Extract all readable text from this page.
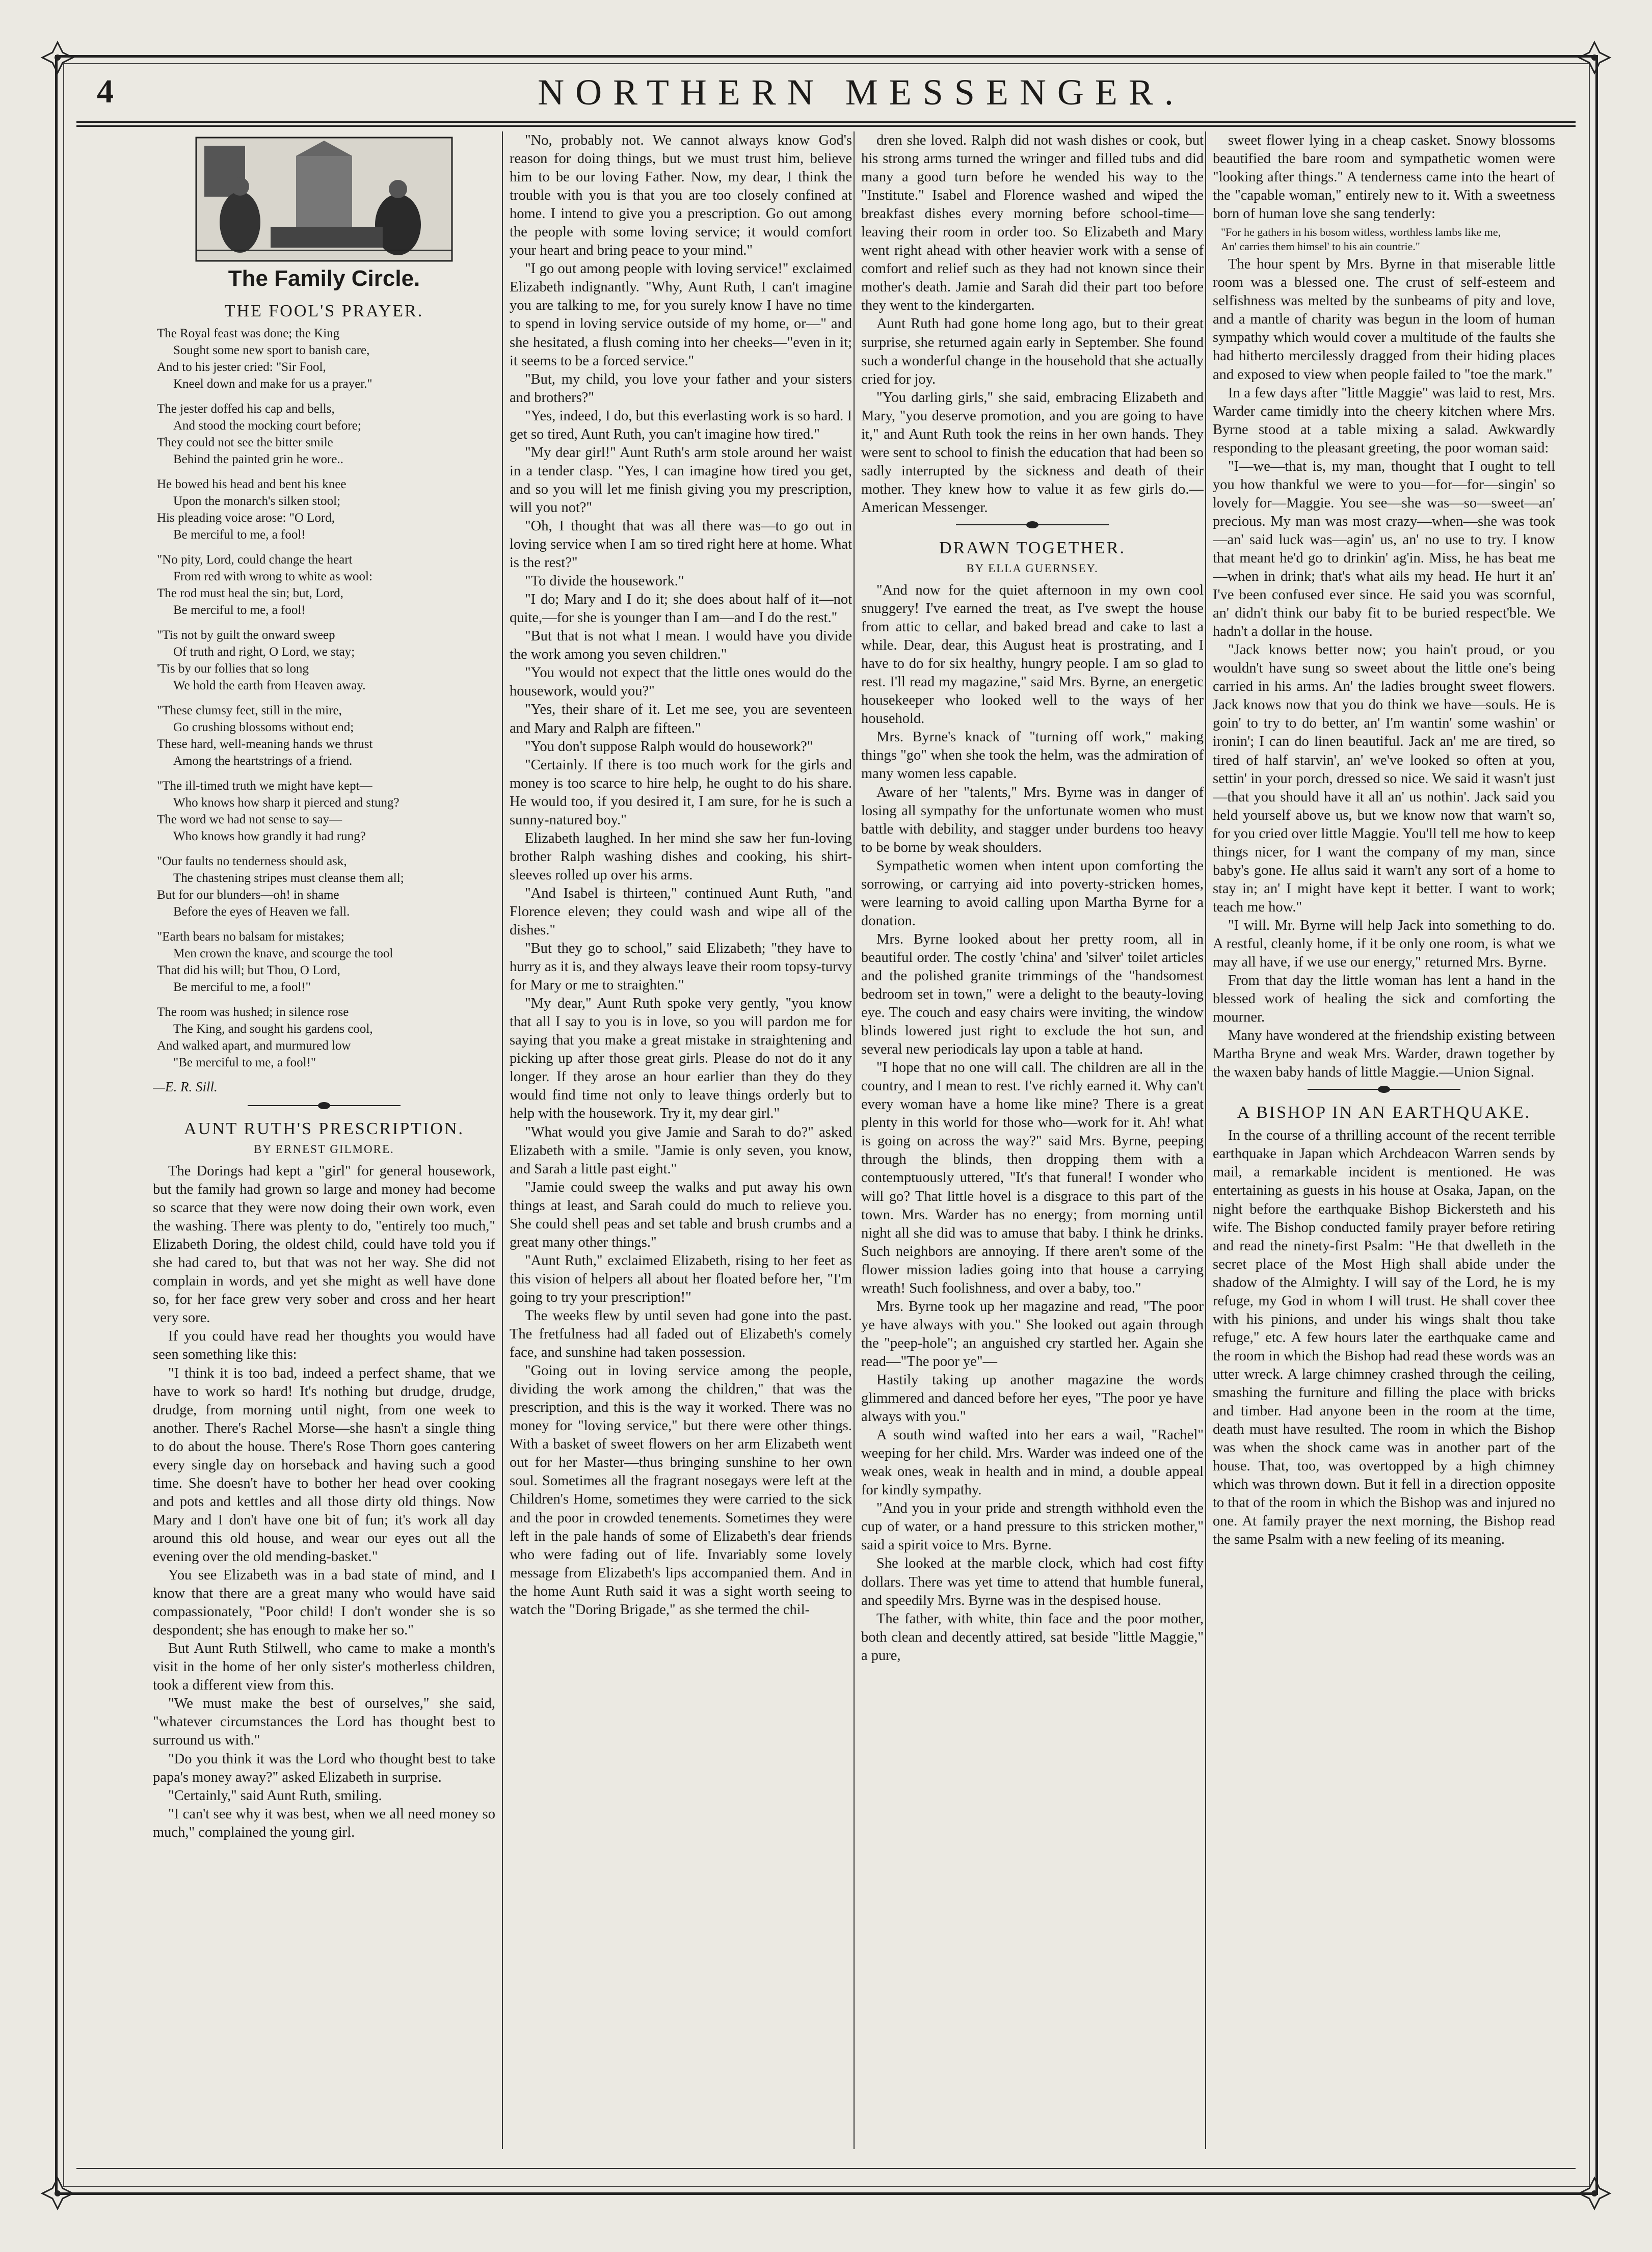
4	NORTHERN MESSENGER.
The Family Circle.
THE FOOL'S PRAYER.
The Royal feast was done; the King
Sought some new sport to banish care,
And to his jester cried: "Sir Fool,
Kneel down and make for us a prayer."
The jester doffed his cap and bells,
And stood the mocking court before;
They could not see the bitter smile
Behind the painted grin he wore..
He bowed his head and bent his knee
Upon the monarch's silken stool;
His pleading voice arose: "O Lord,
Be merciful to me, a fool!
"No pity, Lord, could change the heart
From red with wrong to white as wool:
The rod must heal the sin; but, Lord,
Be merciful to me, a fool!
"Tis not by guilt the onward sweep
Of truth and right, O Lord, we stay;
'Tis by our follies that so long
We hold the earth from Heaven away.
"These clumsy feet, still in the mire,
Go crushing blossoms without end;
These hard, well-meaning hands we thrust
Among the heartstrings of a friend.
"The ill-timed truth we might have kept—
Who knows how sharp it pierced and stung?
The word we had not sense to say—
Who knows how grandly it had rung?
"Our faults no tenderness should ask,
The chastening stripes must cleanse them all;
But for our blunders—oh! in shame
Before the eyes of Heaven we fall.
"Earth bears no balsam for mistakes;
Men crown the knave, and scourge the tool
That did his will; but Thou, O Lord,
Be merciful to me, a fool!"
The room was hushed; in silence rose
The King, and sought his gardens cool,
And walked apart, and murmured low
"Be merciful to me, a fool!"
—E. R. Sill.
AUNT RUTH'S PRESCRIPTION.
BY ERNEST GILMORE.

The Dorings had kept a "girl" for general housework, but the family had grown so large and money had become so scarce that they were now doing their own work, even the washing. There was plenty to do, "entirely too much," Elizabeth Doring, the oldest child, could have told you if she had cared to, but that was not her way. She did not complain in words, and yet she might as well have done so, for her face grew very sober and cross and her heart very sore.

If you could have read her thoughts you would have seen something like this:

"I think it is too bad, indeed a perfect shame, that we have to work so hard! It's nothing but drudge, drudge, drudge, from morning until night, from one week to another. There's Rachel Morse—she hasn't a single thing to do about the house. There's Rose Thorn goes cantering every single day on horseback and having such a good time. She doesn't have to bother her head over cooking and pots and kettles and all those dirty old things. Now Mary and I don't have one bit of fun; it's work all day around this old house, and wear our eyes out all the evening over the old mending-basket."

You see Elizabeth was in a bad state of mind, and I know that there are a great many who would have said compassionately, "Poor child! I don't wonder she is so despondent; she has enough to make her so."

But Aunt Ruth Stilwell, who came to make a month's visit in the home of her only sister's motherless children, took a different view from this.

"We must make the best of ourselves," she said, "whatever circumstances the Lord has thought best to surround us with."

"Do you think it was the Lord who thought best to take papa's money away?" asked Elizabeth in surprise.

"Certainly," said Aunt Ruth, smiling.

"I can't see why it was best, when we all need money so much," complained the young girl.

"No, probably not. We cannot always know God's reason for doing things, but we must trust him, believe him to be our loving Father. Now, my dear, I think the trouble with you is that you are too closely confined at home. I intend to give you a prescription. Go out among the people with some loving service; it would comfort your heart and bring peace to your mind."

"I go out among people with loving service!" exclaimed Elizabeth indignantly. "Why, Aunt Ruth, I can't imagine you are talking to me, for you surely know I have no time to spend in loving service outside of my home, or—" and she hesitated, a flush coming into her cheeks—"even in it; it seems to be a forced service."

"But, my child, you love your father and your sisters and brothers?"

"Yes, indeed, I do, but this everlasting work is so hard. I get so tired, Aunt Ruth, you can't imagine how tired."

"My dear girl!" Aunt Ruth's arm stole around her waist in a tender clasp. "Yes, I can imagine how tired you get, and so you will let me finish giving you my prescription, will you not?"

"Oh, I thought that was all there was—to go out in loving service when I am so tired right here at home. What is the rest?"

"To divide the housework."

"I do; Mary and I do it; she does about half of it—not quite,—for she is younger than I am—and I do the rest."

"But that is not what I mean. I would have you divide the work among you seven children."

"You would not expect that the little ones would do the housework, would you?"

"Yes, their share of it. Let me see, you are seventeen and Mary and Ralph are fifteen."

"You don't suppose Ralph would do housework?"

"Certainly. If there is too much work for the girls and money is too scarce to hire help, he ought to do his share. He would too, if you desired it, I am sure, for he is such a sunny-natured boy."

Elizabeth laughed. In her mind she saw her fun-loving brother Ralph washing dishes and cooking, his shirt-sleeves rolled up over his arms.

"And Isabel is thirteen," continued Aunt Ruth, "and Florence eleven; they could wash and wipe all of the dishes."

"But they go to school," said Elizabeth; "they have to hurry as it is, and they always leave their room topsy-turvy for Mary or me to straighten."

"My dear," Aunt Ruth spoke very gently, "you know that all I say to you is in love, so you will pardon me for saying that you make a great mistake in straightening and picking up after those great girls. Please do not do it any longer. If they arose an hour earlier than they do they would find time not only to leave things orderly but to help with the housework. Try it, my dear girl."

"What would you give Jamie and Sarah to do?" asked Elizabeth with a smile. "Jamie is only seven, you know, and Sarah a little past eight."

"Jamie could sweep the walks and put away his own things at least, and Sarah could do much to relieve you. She could shell peas and set table and brush crumbs and a great many other things."

"Aunt Ruth," exclaimed Elizabeth, rising to her feet as this vision of helpers all about her floated before her, "I'm going to try your prescription!"

The weeks flew by until seven had gone into the past. The fretfulness had all faded out of Elizabeth's comely face, and sunshine had taken possession.

"Going out in loving service among the people, dividing the work among the children," that was the prescription, and this is the way it worked. There was no money for "loving service," but there were other things. With a basket of sweet flowers on her arm Elizabeth went out for her Master—thus bringing sunshine to her own soul. Sometimes all the fragrant nosegays were left at the Children's Home, sometimes they were carried to the sick and the poor in crowded tenements. Sometimes they were left in the pale hands of some of Elizabeth's dear friends who were fading out of life. Invariably some lovely message from Elizabeth's lips accompanied them. And in the home Aunt Ruth said it was a sight worth seeing to watch the "Doring Brigade," as she termed the chil-

dren she loved. Ralph did not wash dishes or cook, but his strong arms turned the wringer and filled tubs and did many a good turn before he wended his way to the "Institute." Isabel and Florence washed and wiped the breakfast dishes every morning before school-time—leaving their room in order too. So Elizabeth and Mary went right ahead with other heavier work with a sense of comfort and relief such as they had not known since their mother's death. Jamie and Sarah did their part too before they went to the kindergarten.

Aunt Ruth had gone home long ago, but to their great surprise, she returned again early in September. She found such a wonderful change in the household that she actually cried for joy.

"You darling girls," she said, embracing Elizabeth and Mary, "you deserve promotion, and you are going to have it," and Aunt Ruth took the reins in her own hands. They were sent to school to finish the education that had been so sadly interrupted by the sickness and death of their mother. They knew how to value it as few girls do.—American Messenger.

DRAWN TOGETHER.
BY ELLA GUERNSEY.

"And now for the quiet afternoon in my own cool snuggery! I've earned the treat, as I've swept the house from attic to cellar, and baked bread and cake to last a while. Dear, dear, this August heat is prostrating, and I have to do for six healthy, hungry people. I am so glad to rest. I'll read my magazine," said Mrs. Byrne, an energetic housekeeper who looked well to the ways of her household.

Mrs. Byrne's knack of "turning off work," making things "go" when she took the helm, was the admiration of many women less capable.

Aware of her "talents," Mrs. Byrne was in danger of losing all sympathy for the unfortunate women who must battle with debility, and stagger under burdens too heavy to be borne by weak shoulders.

Sympathetic women when intent upon comforting the sorrowing, or carrying aid into poverty-stricken homes, were learning to avoid calling upon Martha Byrne for a donation.

Mrs. Byrne looked about her pretty room, all in beautiful order. The costly 'china' and 'silver' toilet articles and the polished granite trimmings of the "handsomest bedroom set in town," were a delight to the beauty-loving eye. The couch and easy chairs were inviting, the window blinds lowered just right to exclude the hot sun, and several new periodicals lay upon a table at hand.

"I hope that no one will call. The children are all in the country, and I mean to rest. I've richly earned it. Why can't every woman have a home like mine? There is a great plenty in this world for those who—work for it. Ah! what is going on across the way?" said Mrs. Byrne, peeping through the blinds, then dropping them with a contemptuously uttered, "It's that funeral! I wonder who will go? That little hovel is a disgrace to this part of the town. Mrs. Warder has no energy; from morning until night all she did was to amuse that baby. I think he drinks. Such neighbors are annoying. If there aren't some of the flower mission ladies going into that house a carrying wreath! Such foolishness, and over a baby, too."

Mrs. Byrne took up her magazine and read, "The poor ye have always with you." She looked out again through the "peep-hole"; an anguished cry startled her. Again she read—"The poor ye"—

Hastily taking up another magazine the words glimmered and danced before her eyes, "The poor ye have always with you."

A south wind wafted into her ears a wail, "Rachel" weeping for her child. Mrs. Warder was indeed one of the weak ones, weak in health and in mind, a double appeal for kindly sympathy.

"And you in your pride and strength withhold even the cup of water, or a hand pressure to this stricken mother," said a spirit voice to Mrs. Byrne.

She looked at the marble clock, which had cost fifty dollars. There was yet time to attend that humble funeral, and speedily Mrs. Byrne was in the despised house.

The father, with white, thin face and the poor mother, both clean and decently attired, sat beside "little Maggie," a pure,

sweet flower lying in a cheap casket. Snowy blossoms beautified the bare room and sympathetic women were "looking after things." A tenderness came into the heart of the "capable woman," entirely new to it. With a sweetness born of human love she sang tenderly:

"For he gathers in his bosom witless, worthless lambs like me,
An' carries them himsel' to his ain countrie."

The hour spent by Mrs. Byrne in that miserable little room was a blessed one. The crust of self-esteem and selfishness was melted by the sunbeams of pity and love, and a mantle of charity was begun in the loom of human sympathy which would cover a multitude of the faults she had hitherto mercilessly dragged from their hiding places and exposed to view when people failed to "toe the mark."

In a few days after "little Maggie" was laid to rest, Mrs. Warder came timidly into the cheery kitchen where Mrs. Byrne stood at a table mixing a salad. Awkwardly responding to the pleasant greeting, the poor woman said:

"I—we—that is, my man, thought that I ought to tell you how thankful we were to you—for—for—singin' so lovely for—Maggie. You see—she was—so—sweet—an' precious. My man was most crazy—when—she was took—an' said luck was—agin' us, an' no use to try. I know that meant he'd go to drinkin' ag'in. Miss, he has beat me—when in drink; that's what ails my head. He hurt it an' I've been confused ever since. He said you was scornful, an' didn't think our baby fit to be buried respect'ble. We hadn't a dollar in the house.

"Jack knows better now; you hain't proud, or you wouldn't have sung so sweet about the little one's being carried in his arms. An' the ladies brought sweet flowers. Jack knows now that you do think we have—souls. He is goin' to try to do better, an' I'm wantin' some washin' or ironin'; I can do linen beautiful. Jack an' me are tired, so tired of half starvin', an' we've looked so often at you, settin' in your porch, dressed so nice. We said it wasn't just—that you should have it all an' us nothin'. Jack said you held yourself above us, but we know now that warn't so, for you cried over little Maggie. You'll tell me how to keep things nicer, for I want the company of my man, since baby's gone. He allus said it warn't any sort of a home to stay in; an' I might have kept it better. I want to work; teach me how."

"I will. Mr. Byrne will help Jack into something to do. A restful, cleanly home, if it be only one room, is what we may all have, if we use our energy," returned Mrs. Byrne.

From that day the little woman has lent a hand in the blessed work of healing the sick and comforting the mourner.

Many have wondered at the friendship existing between Martha Bryne and weak Mrs. Warder, drawn together by the waxen baby hands of little Maggie.—Union Signal.

A BISHOP IN AN EARTHQUAKE.

In the course of a thrilling account of the recent terrible earthquake in Japan which Archdeacon Warren sends by mail, a remarkable incident is mentioned. He was entertaining as guests in his house at Osaka, Japan, on the night before the earthquake Bishop Bickersteth and his wife. The Bishop conducted family prayer before retiring and read the ninety-first Psalm: "He that dwelleth in the secret place of the Most High shall abide under the shadow of the Almighty. I will say of the Lord, he is my refuge, my God in whom I will trust. He shall cover thee with his pinions, and under his wings shalt thou take refuge," etc. A few hours later the earthquake came and the room in which the Bishop had read these words was an utter wreck. A large chimney crashed through the ceiling, smashing the furniture and filling the place with bricks and timber. Had anyone been in the room at the time, death must have resulted. The room in which the Bishop was when the shock came was in another part of the house. That, too, was overtopped by a high chimney which was thrown down. But it fell in a direction opposite to that of the room in which the Bishop was and injured no one. At family prayer the next morning, the Bishop read the same Psalm with a new feeling of its meaning.
